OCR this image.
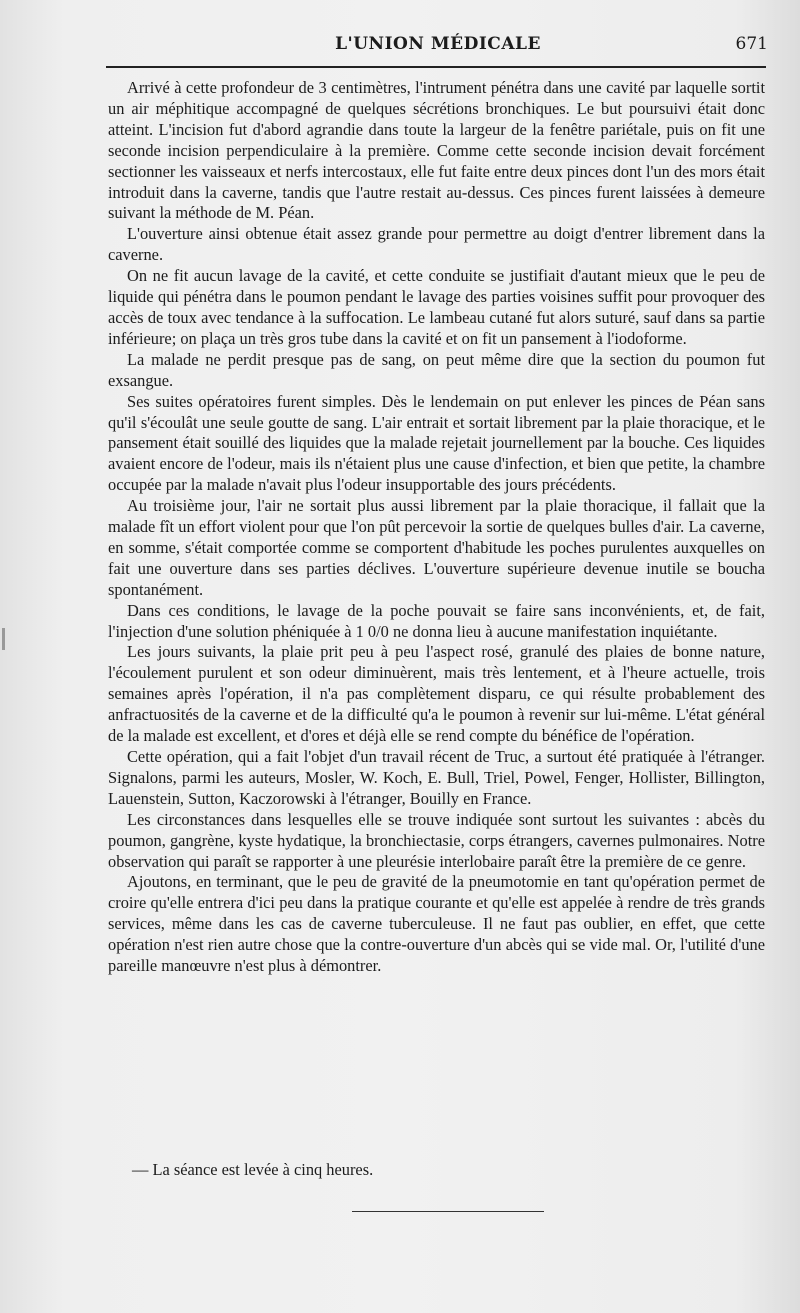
L'UNION MÉDICALE	671

Arrivé à cette profondeur de 3 centimètres, l'intrument pénétra dans une cavité par laquelle sortit un air méphitique accompagné de quelques sécrétions bronchiques. Le but poursuivi était donc atteint. L'incision fut d'abord agrandie dans toute la largeur de la fenêtre pariétale, puis on fit une seconde incision perpendiculaire à la première. Comme cette seconde incision devait forcément sectionner les vaisseaux et nerfs intercostaux, elle fut faite entre deux pinces dont l'un des mors était introduit dans la caverne, tandis que l'autre restait au-dessus. Ces pinces furent laissées à demeure suivant la méthode de M. Péan.

L'ouverture ainsi obtenue était assez grande pour permettre au doigt d'entrer librement dans la caverne.

On ne fit aucun lavage de la cavité, et cette conduite se justifiait d'autant mieux que le peu de liquide qui pénétra dans le poumon pendant le lavage des parties voisines suffit pour provoquer des accès de toux avec tendance à la suffocation. Le lambeau cutané fut alors suturé, sauf dans sa partie inférieure; on plaça un très gros tube dans la cavité et on fit un pansement à l'iodoforme.

La malade ne perdit presque pas de sang, on peut même dire que la section du poumon fut exsangue.

Ses suites opératoires furent simples. Dès le lendemain on put enlever les pinces de Péan sans qu'il s'écoulât une seule goutte de sang. L'air entrait et sortait librement par la plaie thoracique, et le pansement était souillé des liquides que la malade rejetait journellement par la bouche. Ces liquides avaient encore de l'odeur, mais ils n'étaient plus une cause d'infection, et bien que petite, la chambre occupée par la malade n'avait plus l'odeur insupportable des jours précédents.

Au troisième jour, l'air ne sortait plus aussi librement par la plaie thoracique, il fallait que la malade fît un effort violent pour que l'on pût percevoir la sortie de quelques bulles d'air. La caverne, en somme, s'était comportée comme se comportent d'habitude les poches purulentes auxquelles on fait une ouverture dans ses parties déclives. L'ouverture supérieure devenue inutile se boucha spontanément.

Dans ces conditions, le lavage de la poche pouvait se faire sans inconvénients, et, de fait, l'injection d'une solution phéniquée à 1 0/0 ne donna lieu à aucune manifestation inquiétante.

Les jours suivants, la plaie prit peu à peu l'aspect rosé, granulé des plaies de bonne nature, l'écoulement purulent et son odeur diminuèrent, mais très lentement, et à l'heure actuelle, trois semaines après l'opération, il n'a pas complètement disparu, ce qui résulte probablement des anfractuosités de la caverne et de la difficulté qu'a le poumon à revenir sur lui-même. L'état général de la malade est excellent, et d'ores et déjà elle se rend compte du bénéfice de l'opération.

Cette opération, qui a fait l'objet d'un travail récent de Truc, a surtout été pratiquée à l'étranger. Signalons, parmi les auteurs, Mosler, W. Koch, E. Bull, Triel, Powel, Fenger, Hollister, Billington, Lauenstein, Sutton, Kaczorowski à l'étranger, Bouilly en France.

Les circonstances dans lesquelles elle se trouve indiquée sont surtout les suivantes : abcès du poumon, gangrène, kyste hydatique, la bronchiectasie, corps étrangers, cavernes pulmonaires. Notre observation qui paraît se rapporter à une pleurésie interlobaire paraît être la première de ce genre.

Ajoutons, en terminant, que le peu de gravité de la pneumotomie en tant qu'opération permet de croire qu'elle entrera d'ici peu dans la pratique courante et qu'elle est appelée à rendre de très grands services, même dans les cas de caverne tuberculeuse. Il ne faut pas oublier, en effet, que cette opération n'est rien autre chose que la contre-ouverture d'un abcès qui se vide mal. Or, l'utilité d'une pareille manœuvre n'est plus à démontrer.

— La séance est levée à cinq heures.
